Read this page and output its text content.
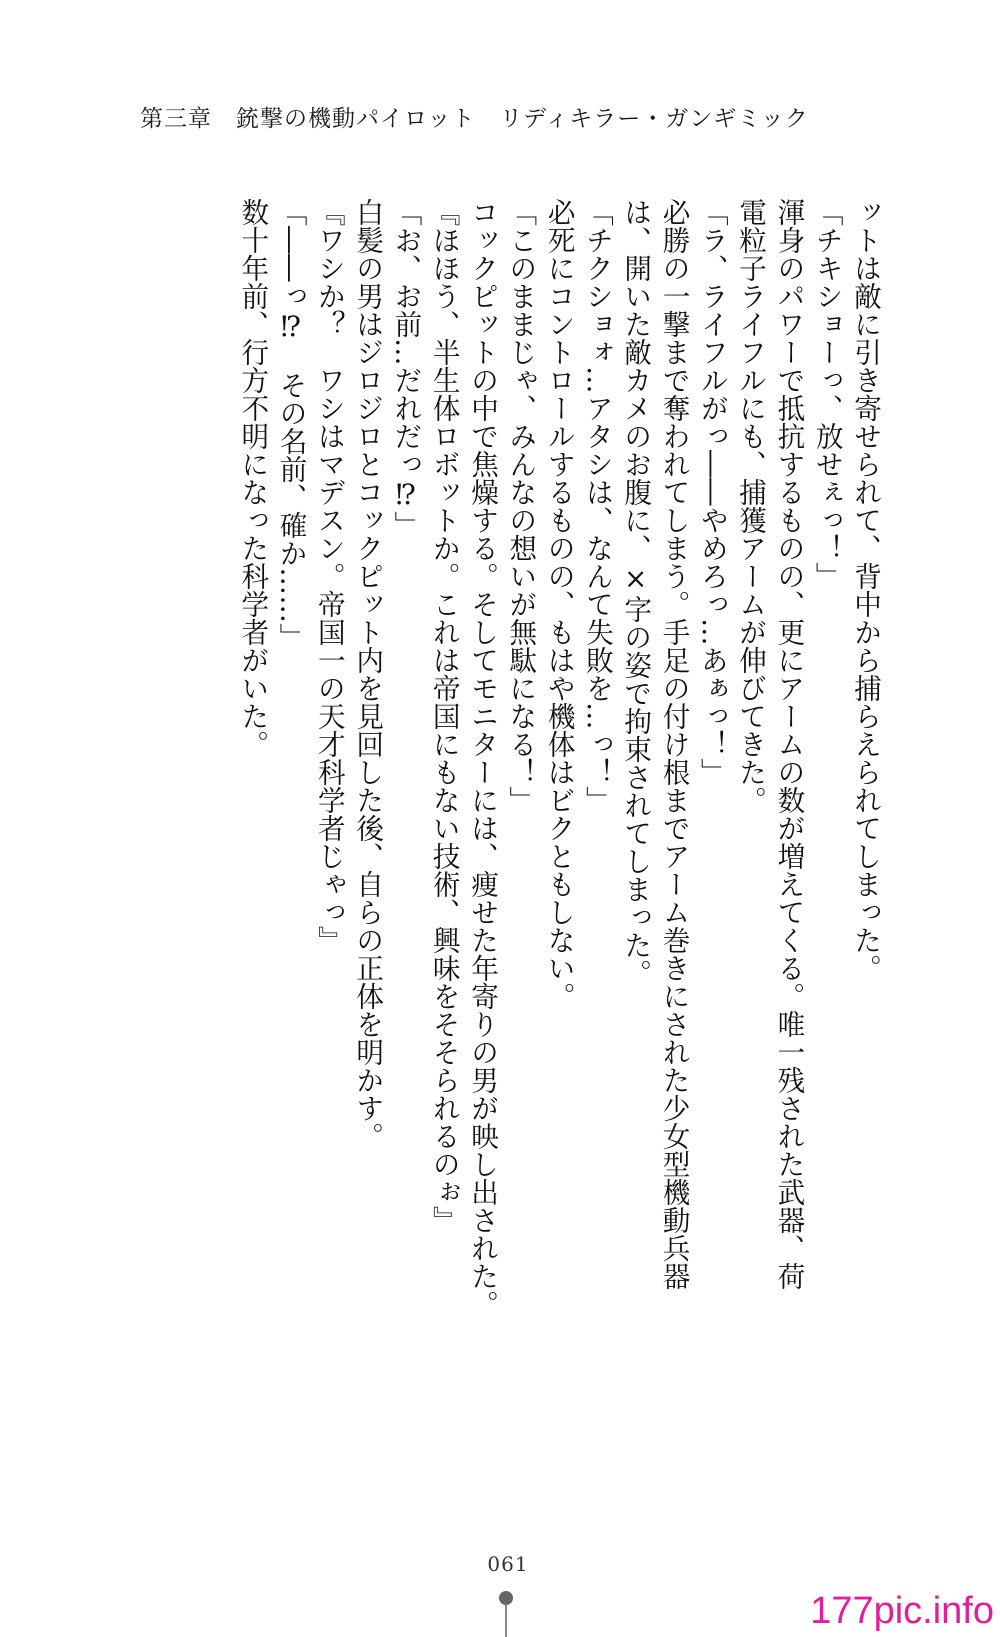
第三章　銃撃の機動パイロット　リディキラー・ガンギミック

ットは敵に引き寄せられて、背中から捕らえられてしまった。

「チキショーっ、放せぇっ！」

渾身のパワーで抵抗するものの、更にアームの数が増えてくる。唯一残された武器、荷

電粒子ライフルにも、捕獲アームが伸びてきた。

「ラ、ライフルがっ――やめろっ…あぁっ！」

必勝の一撃まで奪われてしまう。手足の付け根までアーム巻きにされた少女型機動兵器

は、開いた敵カメのお腹に、×字の姿で拘束されてしまった。

「チクショォ…アタシは、なんて失敗を…っ！」

必死にコントロールするものの、もはや機体はビクともしない。

「このままじゃ、みんなの想いが無駄になる！」

コックピットの中で焦燥する。そしてモニターには、痩せた年寄りの男が映し出された。

『ほほう、半生体ロボットか。これは帝国にもない技術、興味をそそられるのぉ』

「お、お前…だれだっ⁉」

白髪の男はジロジロとコックピット内を見回した後、自らの正体を明かす。

『ワシか？　ワシはマデスン。帝国一の天才科学者じゃっ』

「――っ⁉　その名前、確か……」

数十年前、行方不明になった科学者がいた。

061
177pic.info
